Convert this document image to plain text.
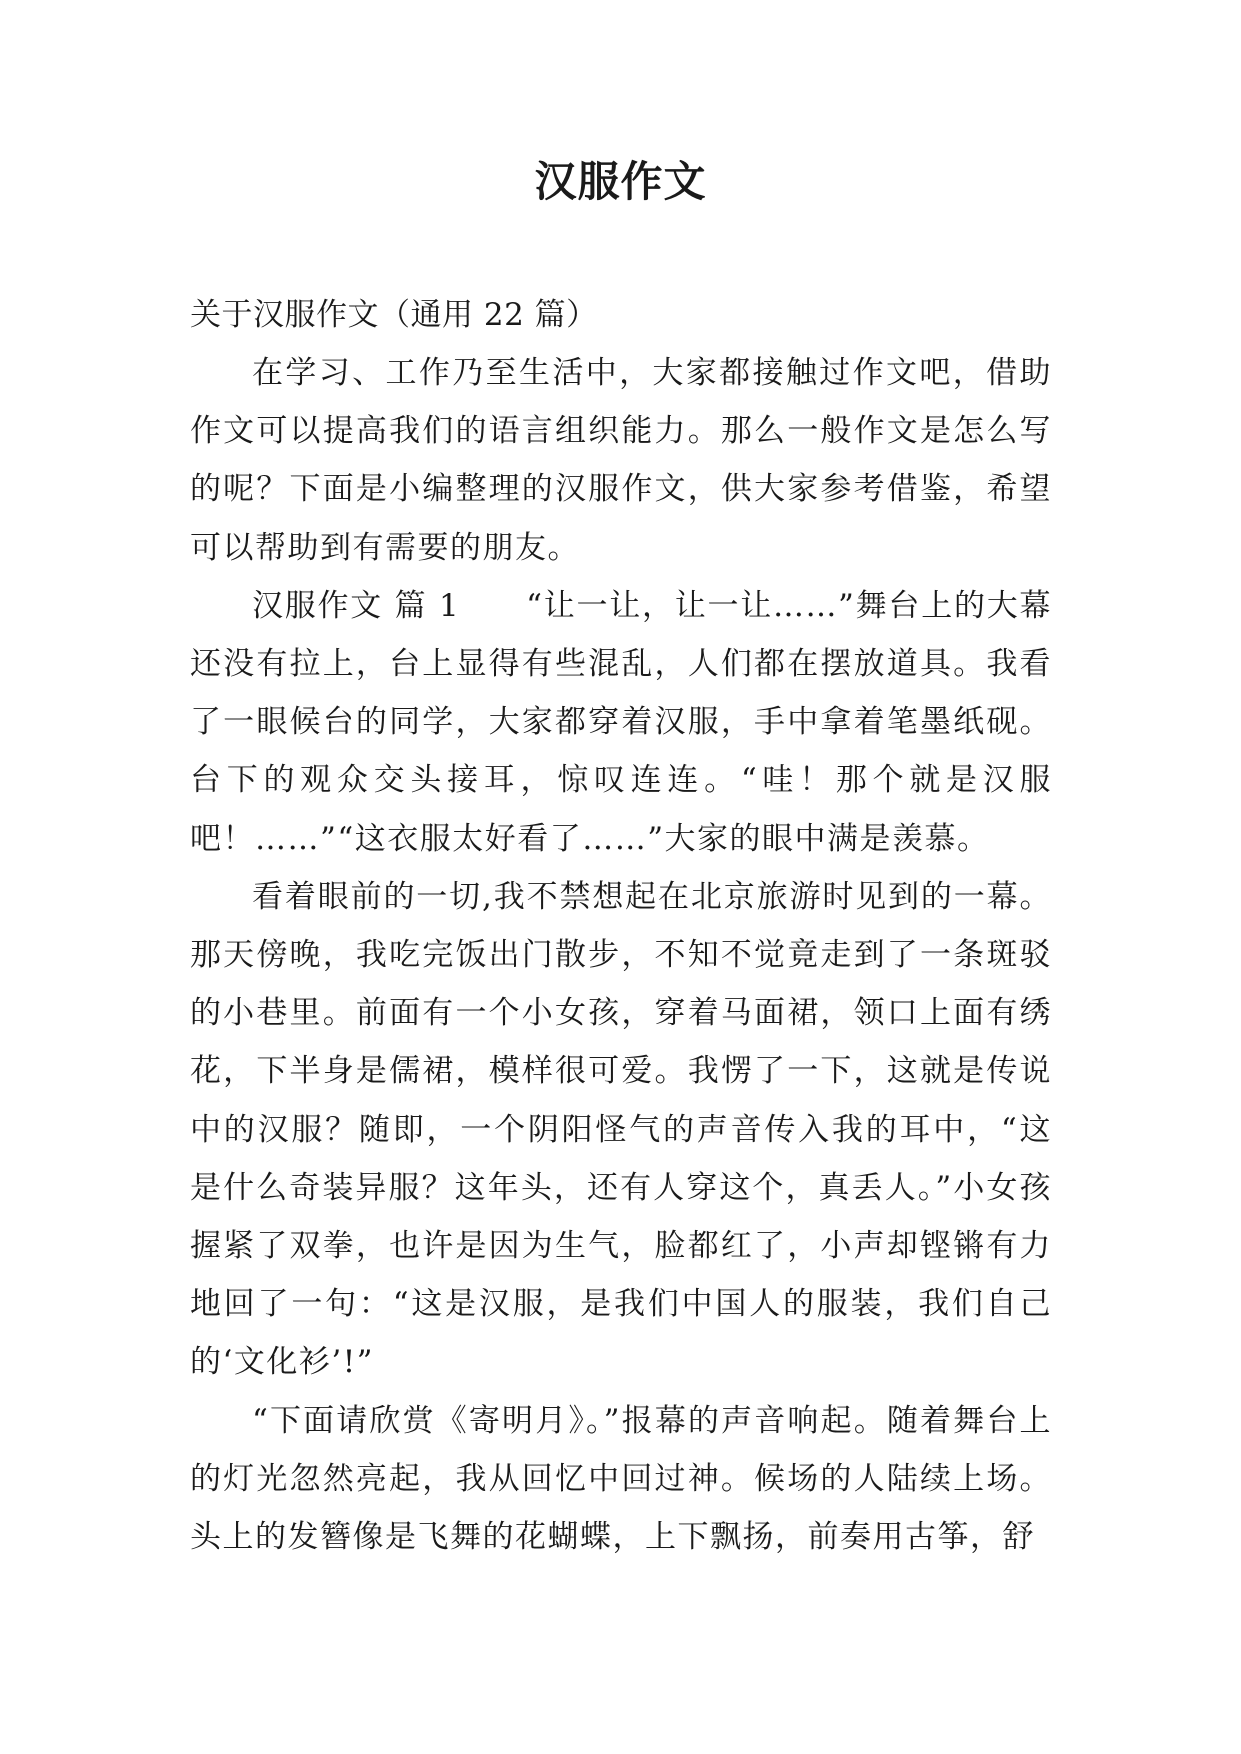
汉服作文

关于汉服作文（通用 22 篇）

在学习、工作乃至生活中，大家都接触过作文吧，借助作文可以提高我们的语言组织能力。那么一般作文是怎么写的呢？下面是小编整理的汉服作文，供大家参考借鉴，希望可以帮助到有需要的朋友。

汉服作文 篇 1　　“让一让，让一让……”舞台上的大幕还没有拉上，台上显得有些混乱，人们都在摆放道具。我看了一眼候台的同学，大家都穿着汉服，手中拿着笔墨纸砚。台下的观众交头接耳，惊叹连连。“哇！那个就是汉服吧！……”“这衣服太好看了……”大家的眼中满是羡慕。

看着眼前的一切,我不禁想起在北京旅游时见到的一幕。那天傍晚，我吃完饭出门散步，不知不觉竟走到了一条斑驳的小巷里。前面有一个小女孩，穿着马面裙，领口上面有绣花，下半身是儒裙，模样很可爱。我愣了一下，这就是传说中的汉服？随即，一个阴阳怪气的声音传入我的耳中，“这是什么奇装异服？这年头，还有人穿这个，真丢人。”小女孩握紧了双拳，也许是因为生气，脸都红了，小声却铿锵有力地回了一句：“这是汉服，是我们中国人的服装，我们自己的‘文化衫’!”

“下面请欣赏《寄明月》。”报幕的声音响起。随着舞台上的灯光忽然亮起，我从回忆中回过神。候场的人陆续上场。头上的发簪像是飞舞的花蝴蝶，上下飘扬，前奏用古筝，舒
